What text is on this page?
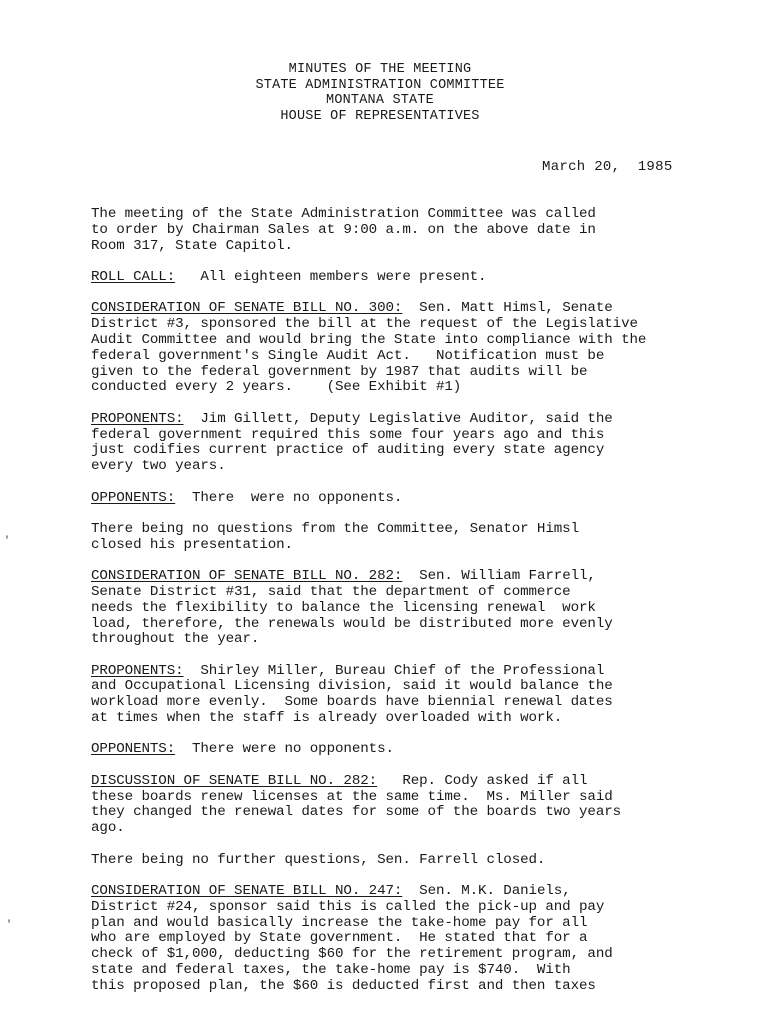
MINUTES OF THE MEETING
STATE ADMINISTRATION COMMITTEE
MONTANA STATE
HOUSE OF REPRESENTATIVES
March 20,  1985
The meeting of the State Administration Committee was called
to order by Chairman Sales at 9:00 a.m. on the above date in
Room 317, State Capitol.
ROLL CALL:   All eighteen members were present.
CONSIDERATION OF SENATE BILL NO. 300:  Sen. Matt Himsl, Senate
District #3, sponsored the bill at the request of the Legislative
Audit Committee and would bring the State into compliance with the
federal government's Single Audit Act.   Notification must be
given to the federal government by 1987 that audits will be
conducted every 2 years.    (See Exhibit #1)
PROPONENTS:  Jim Gillett, Deputy Legislative Auditor, said the
federal government required this some four years ago and this
just codifies current practice of auditing every state agency
every two years.
OPPONENTS:  There  were no opponents.
There being no questions from the Committee, Senator Himsl
closed his presentation.
CONSIDERATION OF SENATE BILL NO. 282:  Sen. William Farrell,
Senate District #31, said that the department of commerce
needs the flexibility to balance the licensing renewal  work
load, therefore, the renewals would be distributed more evenly
throughout the year.
PROPONENTS:  Shirley Miller, Bureau Chief of the Professional
and Occupational Licensing division, said it would balance the
workload more evenly.  Some boards have biennial renewal dates
at times when the staff is already overloaded with work.
OPPONENTS:  There were no opponents.
DISCUSSION OF SENATE BILL NO. 282:   Rep. Cody asked if all
these boards renew licenses at the same time.  Ms. Miller said
they changed the renewal dates for some of the boards two years
ago.
There being no further questions, Sen. Farrell closed.
CONSIDERATION OF SENATE BILL NO. 247:  Sen. M.K. Daniels,
District #24, sponsor said this is called the pick-up and pay
plan and would basically increase the take-home pay for all
who are employed by State government.  He stated that for a
check of $1,000, deducting $60 for the retirement program, and
state and federal taxes, the take-home pay is $740.  With
this proposed plan, the $60 is deducted first and then taxes
'
'
